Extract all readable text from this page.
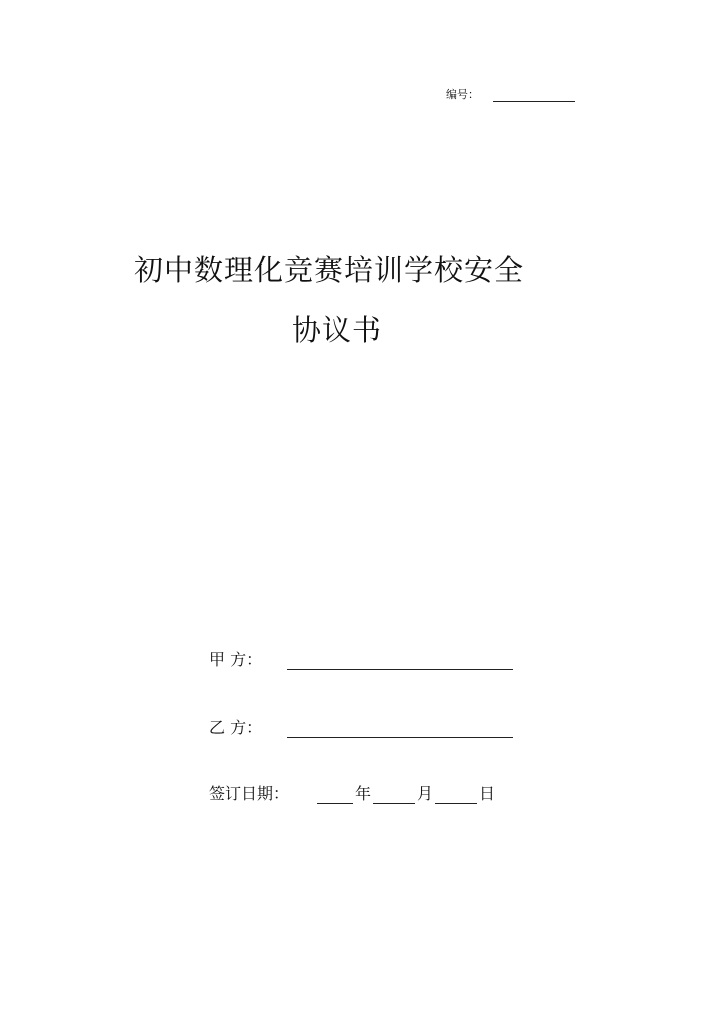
编号：
初中数理化竞赛培训学校安全
协议书
甲 方：
乙 方：
签订日期：	年	月	日
